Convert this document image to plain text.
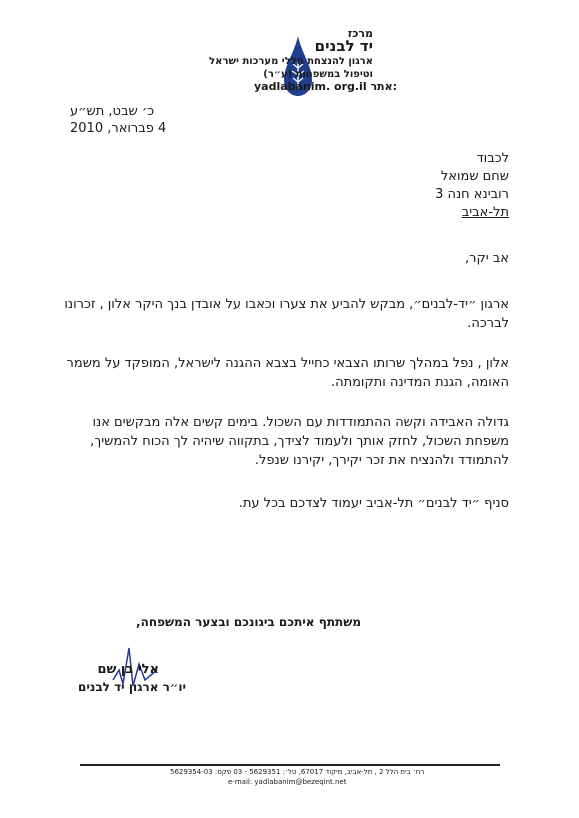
מרכז
יד לבנים
ארגון להנצחת חללי מערכות ישראל
וטיפול במשפחות (ע״ר)
yadlabanim. org.il אתר:
כ׳ שבט, תש״ע
4 פברואר, 2010
לכבוד
שחם שמואל
רובינא חנה 3
תל-אביב
אב יקר,
ארגון ״יד-לבנים״, מבקש להביע את צערו וכאבו על אובדן בנך היקר אלון , זכרונו לברכה.
אלון , נפל במהלך שרותו הצבאי כחייל בצבא ההגנה לישראל, המופקד על משמר האומה, הגנת המדינה ותקומתה.
גדולה האבידה וקשה ההתמודדות עם השכול. בימים קשים אלה מבקשים אנו משפחת השכול, לחזק אותך ולעמוד לצידך, בתקווה שיהיה לך הכוח להמשיך, להתמודד ולהנציח את זכר יקירך, יקירנו שנפל.
סניף ״יד לבנים״ תל-אביב יעמוד לצדכם בכל עת.
משתתף איתכם ביגונכם ובצער המשפחה,
אלי בן שם
יו״ר ארגון יד לבנים
רח׳ בית הלל 2 , תל-אביב, מיקוד 67017, טל׳: 5629351 - 03 פקס: 5629354-03
e-mail: yadlabanim@bezeqint.net
